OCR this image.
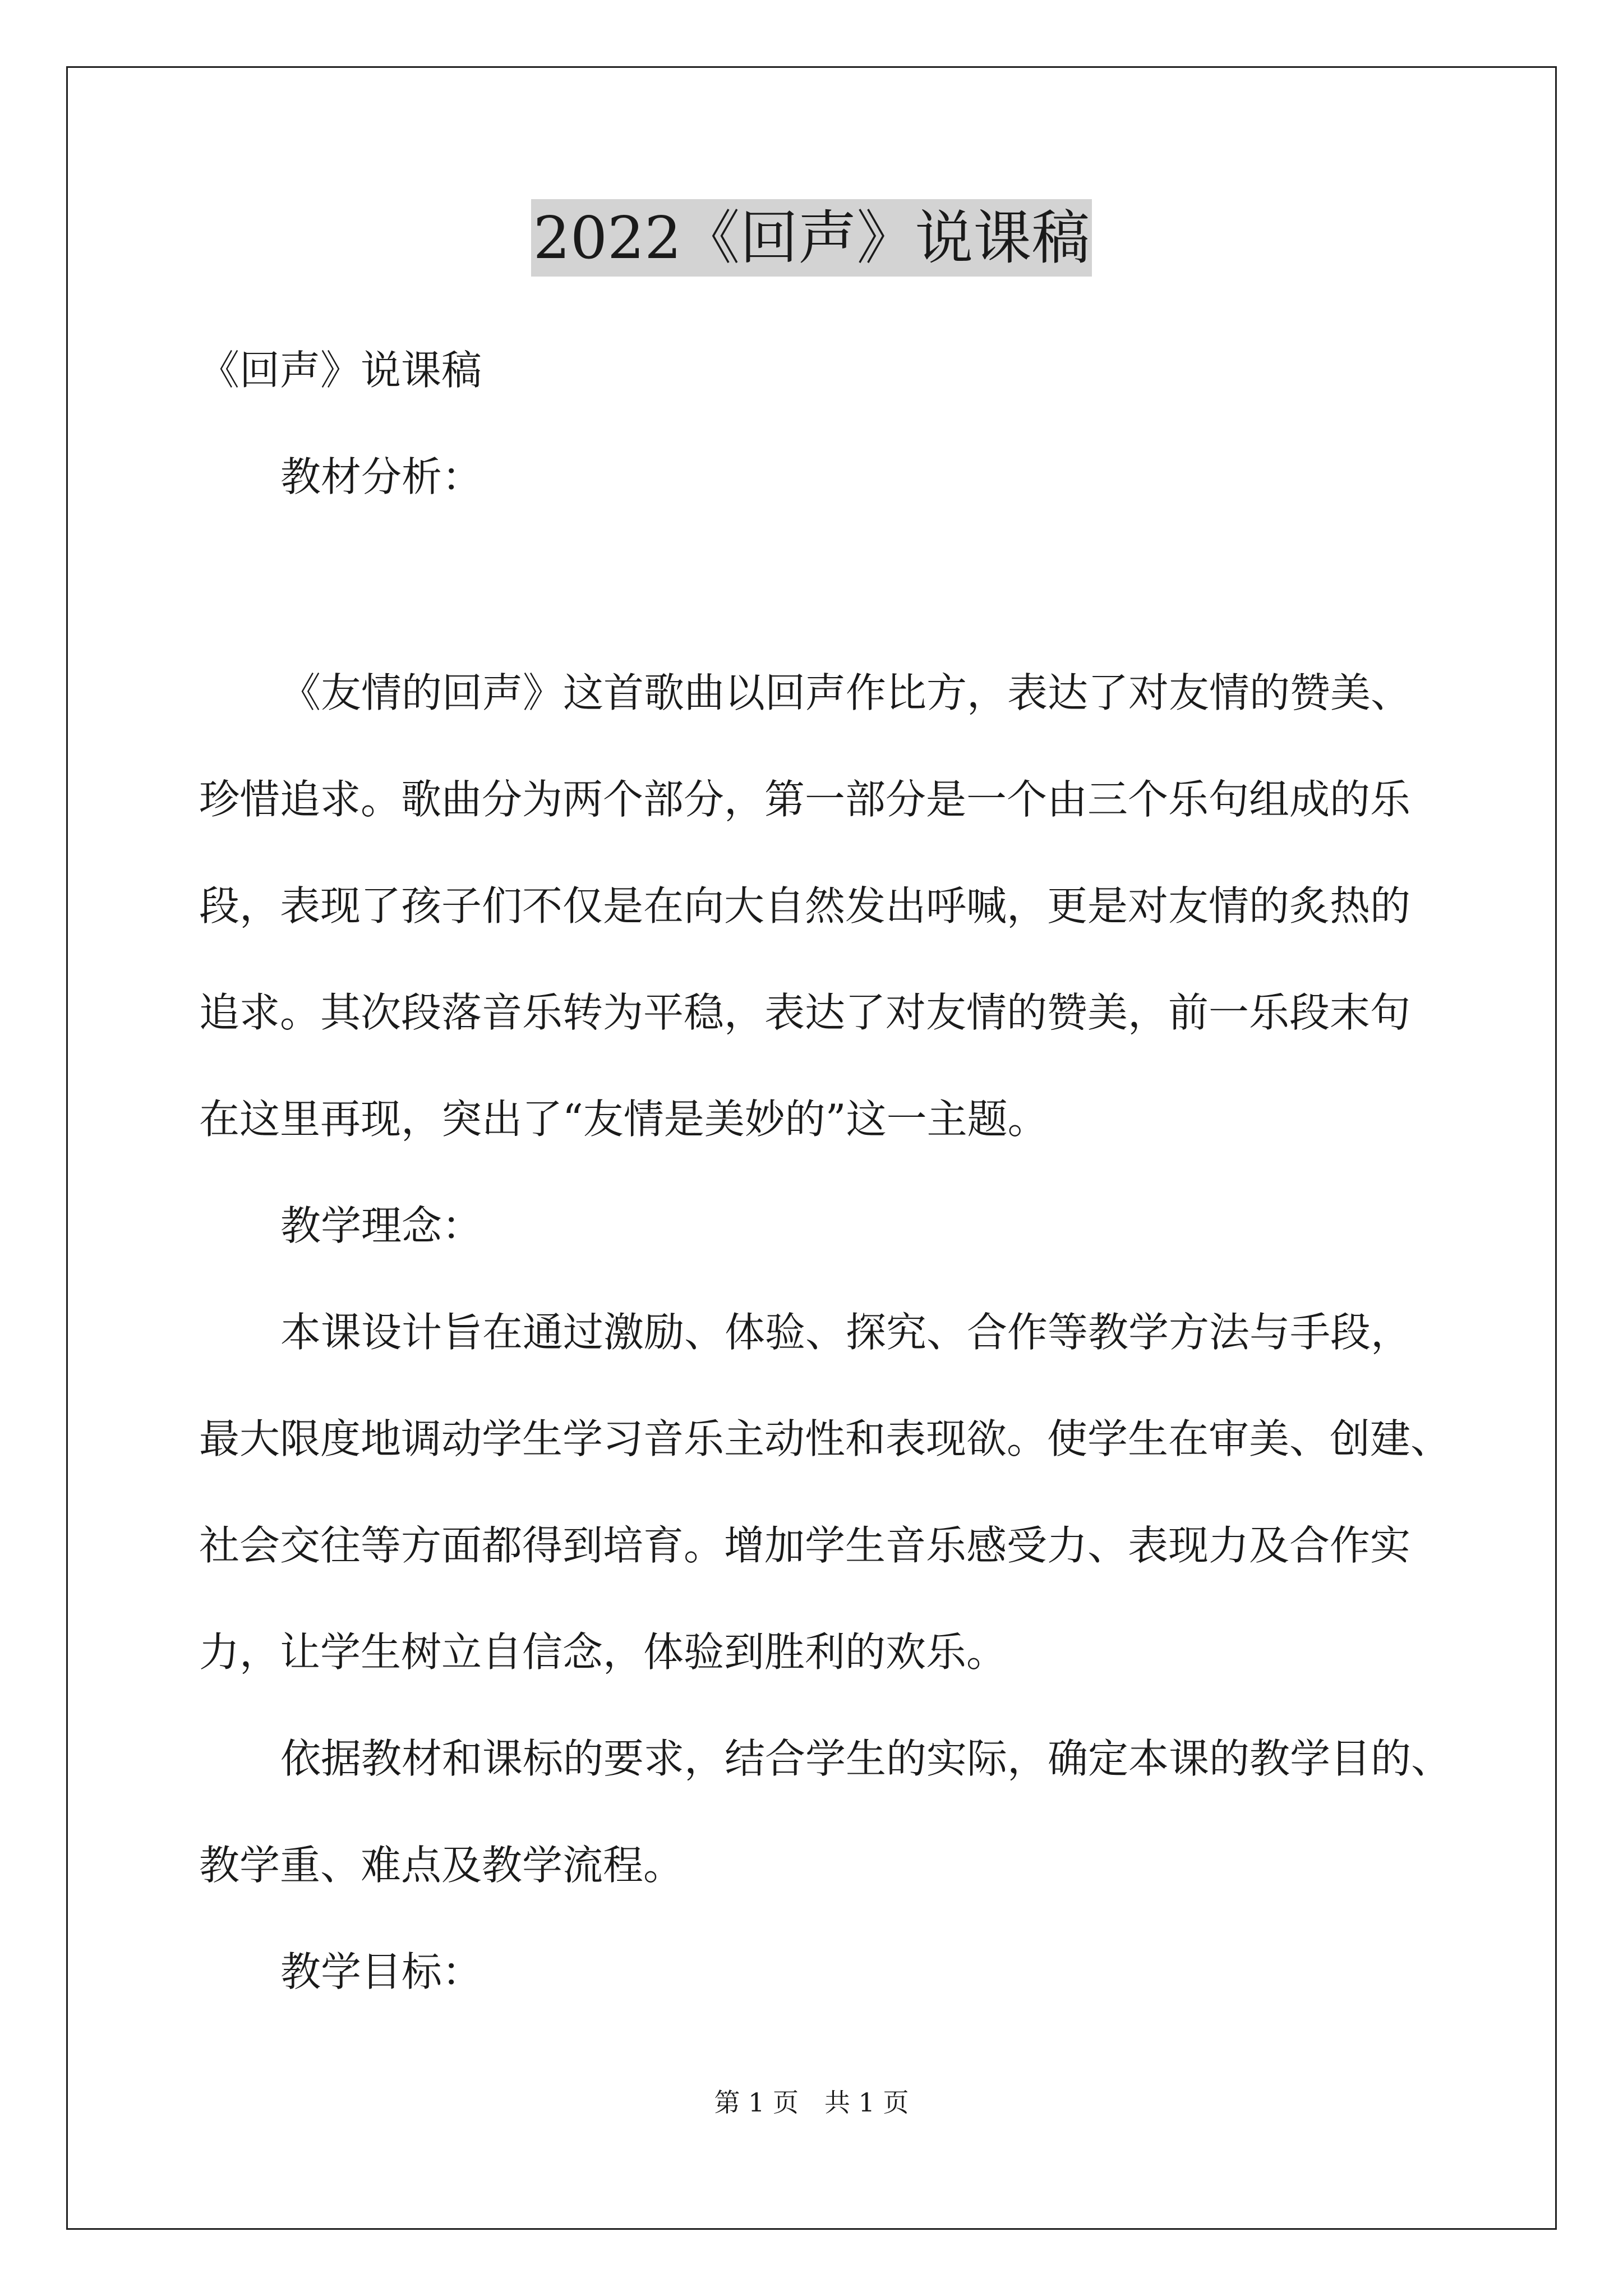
2022《回声》说课稿
《回声》说课稿
教材分析：
《友情的回声》这首歌曲以回声作比方，表达了对友情的赞美、
珍惜追求。歌曲分为两个部分，第一部分是一个由三个乐句组成的乐
段，表现了孩子们不仅是在向大自然发出呼喊，更是对友情的炙热的
追求。其次段落音乐转为平稳，表达了对友情的赞美，前一乐段末句
在这里再现，突出了“友情是美妙的”这一主题。
教学理念：
本课设计旨在通过激励、体验、探究、合作等教学方法与手段，
最大限度地调动学生学习音乐主动性和表现欲。使学生在审美、创建、
社会交往等方面都得到培育。增加学生音乐感受力、表现力及合作实
力，让学生树立自信念，体验到胜利的欢乐。
依据教材和课标的要求，结合学生的实际，确定本课的教学目的、
教学重、难点及教学流程。
教学目标：
第 1 页 共 1 页
